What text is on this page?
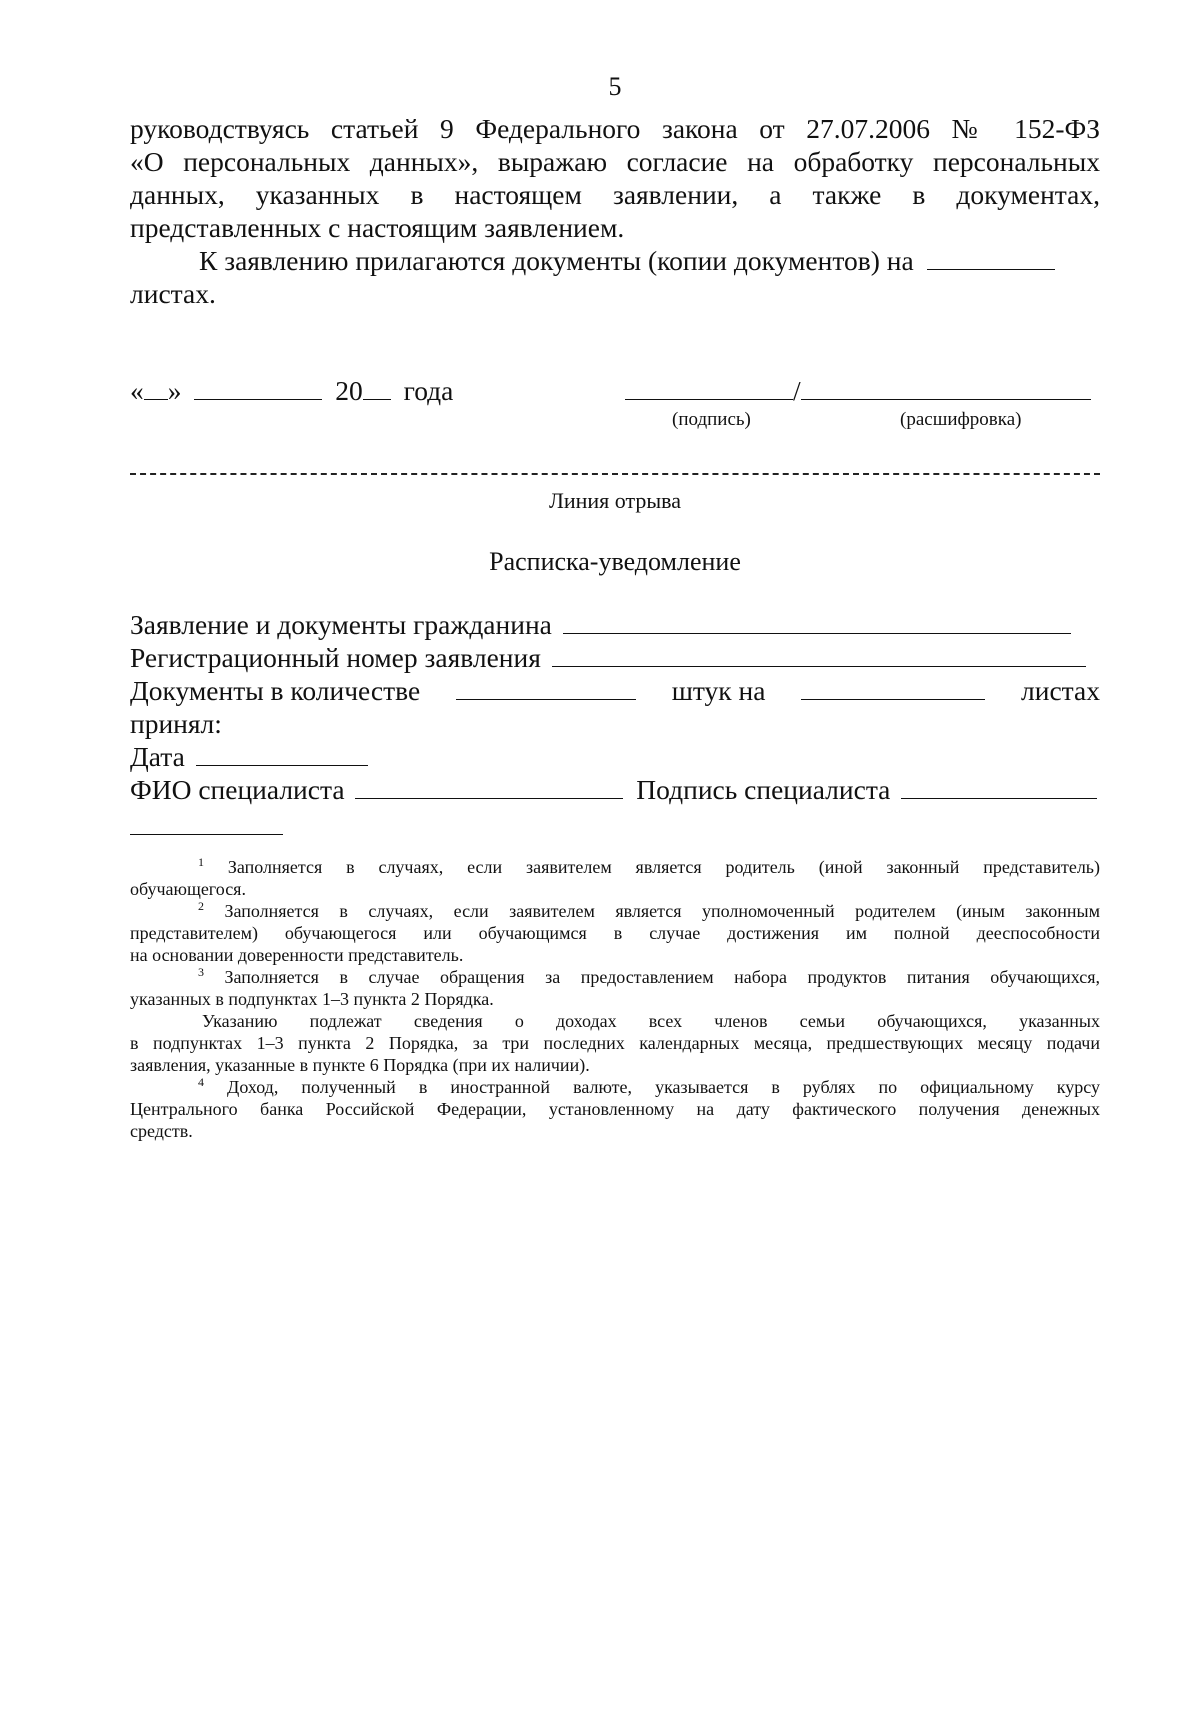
5
руководствуясь статьей 9 Федерального закона от 27.07.2006 № 152-ФЗ
«О персональных данных», выражаю согласие на обработку персональных
данных, указанных в настоящем заявлении, а также в документах,
представленных с настоящим заявлением.
К заявлению прилагаются документы (копии документов) на
листах.
« »	20 года	/
(подпись)	(расшифровка)
Линия отрыва
Расписка-уведомление
Заявление и документы гражданина
Регистрационный номер заявления
Документы в количестве	штук на	листах
принял:
Дата
ФИО специалиста	Подпись специалиста
$^1$ Заполняется в случаях, если заявителем является родитель (иной законный представитель)
обучающегося.
$^2$ Заполняется в случаях, если заявителем является уполномоченный родителем (иным законным
представителем) обучающегося или обучающимся в случае достижения им полной дееспособности
на основании доверенности представитель.
$^3$ Заполняется в случае обращения за предоставлением набора продуктов питания обучающихся,
указанных в подпунктах 1–3 пункта 2 Порядка.
Указанию подлежат сведения о доходах всех членов семьи обучающихся, указанных
в подпунктах 1–3 пункта 2 Порядка, за три последних календарных месяца, предшествующих месяцу подачи
заявления, указанные в пункте 6 Порядка (при их наличии).
$^4$ Доход, полученный в иностранной валюте, указывается в рублях по официальному курсу
Центрального банка Российской Федерации, установленному на дату фактического получения денежных
средств.
